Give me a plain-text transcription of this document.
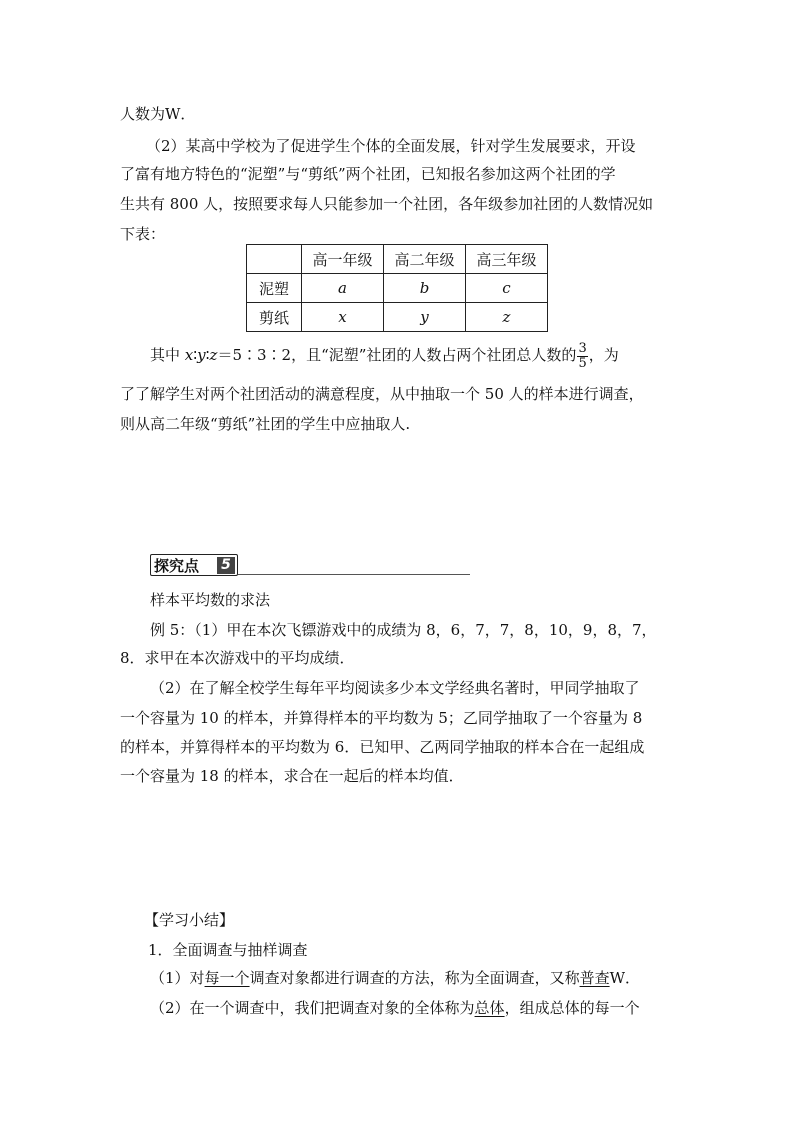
人数为W．
（2）某高中学校为了促进学生个体的全面发展，针对学生发展要求，开设
了富有地方特色的“泥塑”与“剪纸”两个社团，已知报名参加这两个社团的学
生共有 800 人，按照要求每人只能参加一个社团，各年级参加社团的人数情况如
下表：
	高一年级	高二年级	高三年级
泥塑	a	b	c
剪纸	x	y	z
其中 x∶y∶z＝5∶3∶2，且“泥塑”社团的人数占两个社团总人数的 $\frac{3}{5}$ ，为
了了解学生对两个社团活动的满意程度，从中抽取一个 50 人的样本进行调查，
则从高二年级“剪纸”社团的学生中应抽取人.
探究点 5
样本平均数的求法
例 5：（1）甲在本次飞镖游戏中的成绩为 8，6，7，7，8，10，9，8，7，
8．求甲在本次游戏中的平均成绩．
（2）在了解全校学生每年平均阅读多少本文学经典名著时，甲同学抽取了
一个容量为 10 的样本，并算得样本的平均数为 5；乙同学抽取了一个容量为 8
的样本，并算得样本的平均数为 6．已知甲、乙两同学抽取的样本合在一起组成
一个容量为 18 的样本，求合在一起后的样本均值．
【学习小结】
1．全面调查与抽样调查
（1）对每一个调查对象都进行调查的方法，称为全面调查，又称普查W．
（2）在一个调查中，我们把调查对象的全体称为总体，组成总体的每一个
